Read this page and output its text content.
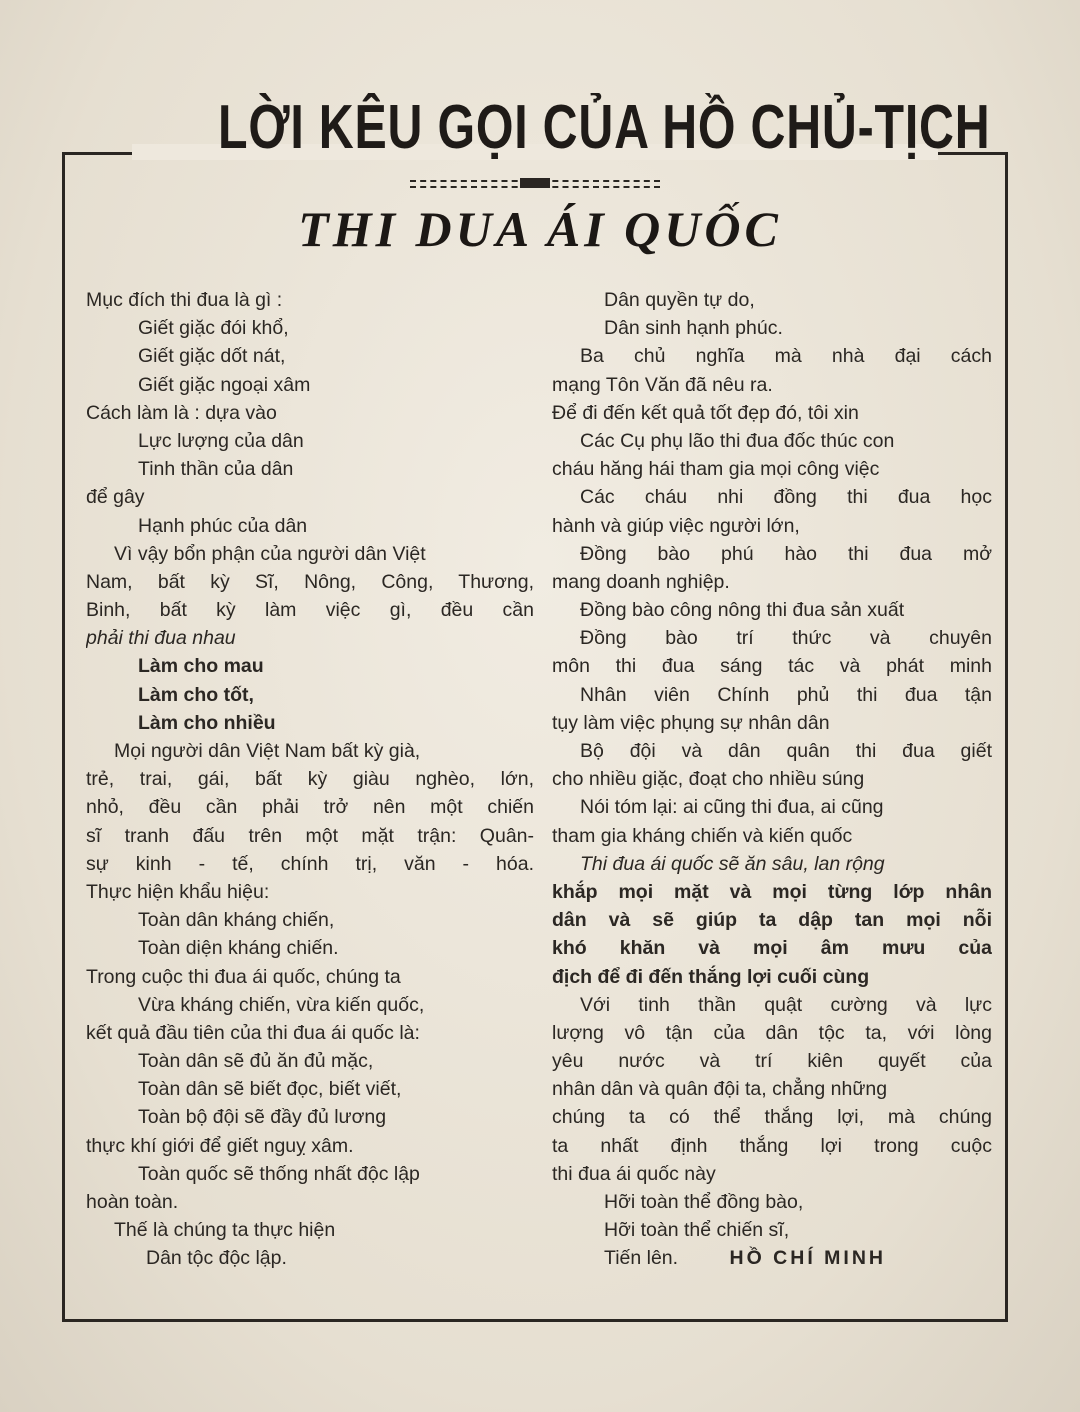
LỜI KÊU GỌI CỦA HỒ CHỦ-TỊCH
THI DUA ÁI QUỐC
Mục đích thi đua là gì :
Giết giặc đói khổ,
Giết giặc dốt nát,
Giết giặc ngoại xâm
Cách làm là : dựa vào
Lực lượng của dân
Tinh thần của dân
để gây
Hạnh phúc của dân
Vì vậy bổn phận của người dân Việt
Nam, bất kỳ Sĩ, Nông, Công, Thương,
Binh, bất kỳ làm việc gì, đều cần
phải thi đua nhau
Làm cho mau
Làm cho tốt,
Làm cho nhiều
Mọi người dân Việt Nam bất kỳ già,
trẻ, trai, gái, bất kỳ giàu nghèo, lớn,
nhỏ, đều cần phải trở nên một chiến
sĩ tranh đấu trên một mặt trận: Quân-
sự kinh - tế, chính trị, văn - hóa.
Thực hiện khẩu hiệu:
Toàn dân kháng chiến,
Toàn diện kháng chiến.
Trong cuộc thi đua ái quốc, chúng ta
Vừa kháng chiến, vừa kiến quốc,
kết quả đầu tiên của thi đua ái quốc là:
Toàn dân sẽ đủ ăn đủ mặc,
Toàn dân sẽ biết đọc, biết viết,
Toàn bộ đội sẽ đầy đủ lương
thực khí giới để giết nguỵ xâm.
Toàn quốc sẽ thống nhất độc lập
hoàn toàn.
Thế là chúng ta thực hiện
Dân tộc độc lập.
Dân quyền tự do,
Dân sinh hạnh phúc.
Ba chủ nghĩa mà nhà đại cách
mạng Tôn Văn đã nêu ra.
Để đi đến kết quả tốt đẹp đó, tôi xin
Các Cụ phụ lão thi đua đốc thúc con
cháu hăng hái tham gia mọi công việc
Các cháu nhi đồng thi đua học
hành và giúp việc người lớn,
Đồng bào phú hào thi đua mở
mang doanh nghiệp.
Đồng bào công nông thi đua sản xuất
Đồng bào trí thức và chuyên
môn thi đua sáng tác và phát minh
Nhân viên Chính phủ thi đua tận
tụy làm việc phụng sự nhân dân
Bộ đội và dân quân thi đua giết
cho nhiều giặc, đoạt cho nhiều súng
Nói tóm lại: ai cũng thi đua, ai cũng
tham gia kháng chiến và kiến quốc
Thi đua ái quốc sẽ ăn sâu, lan rộng
khắp mọi mặt và mọi từng lớp nhân
dân và sẽ giúp ta dập tan mọi nỗi
khó khăn và mọi âm mưu của
địch để đi đến thắng lợi cuối cùng
Với tinh thần quật cường và lực
lượng vô tận của dân tộc ta, với lòng
yêu nước và trí kiên quyết của
nhân dân và quân đội ta, chẳng những
chúng ta có thể thắng lợi, mà chúng
ta nhất định thắng lợi trong cuộc
thi đua ái quốc này
Hỡi toàn thể đồng bào,
Hỡi toàn thể chiến sĩ,
Tiến lên.	HỒ CHÍ MINH
